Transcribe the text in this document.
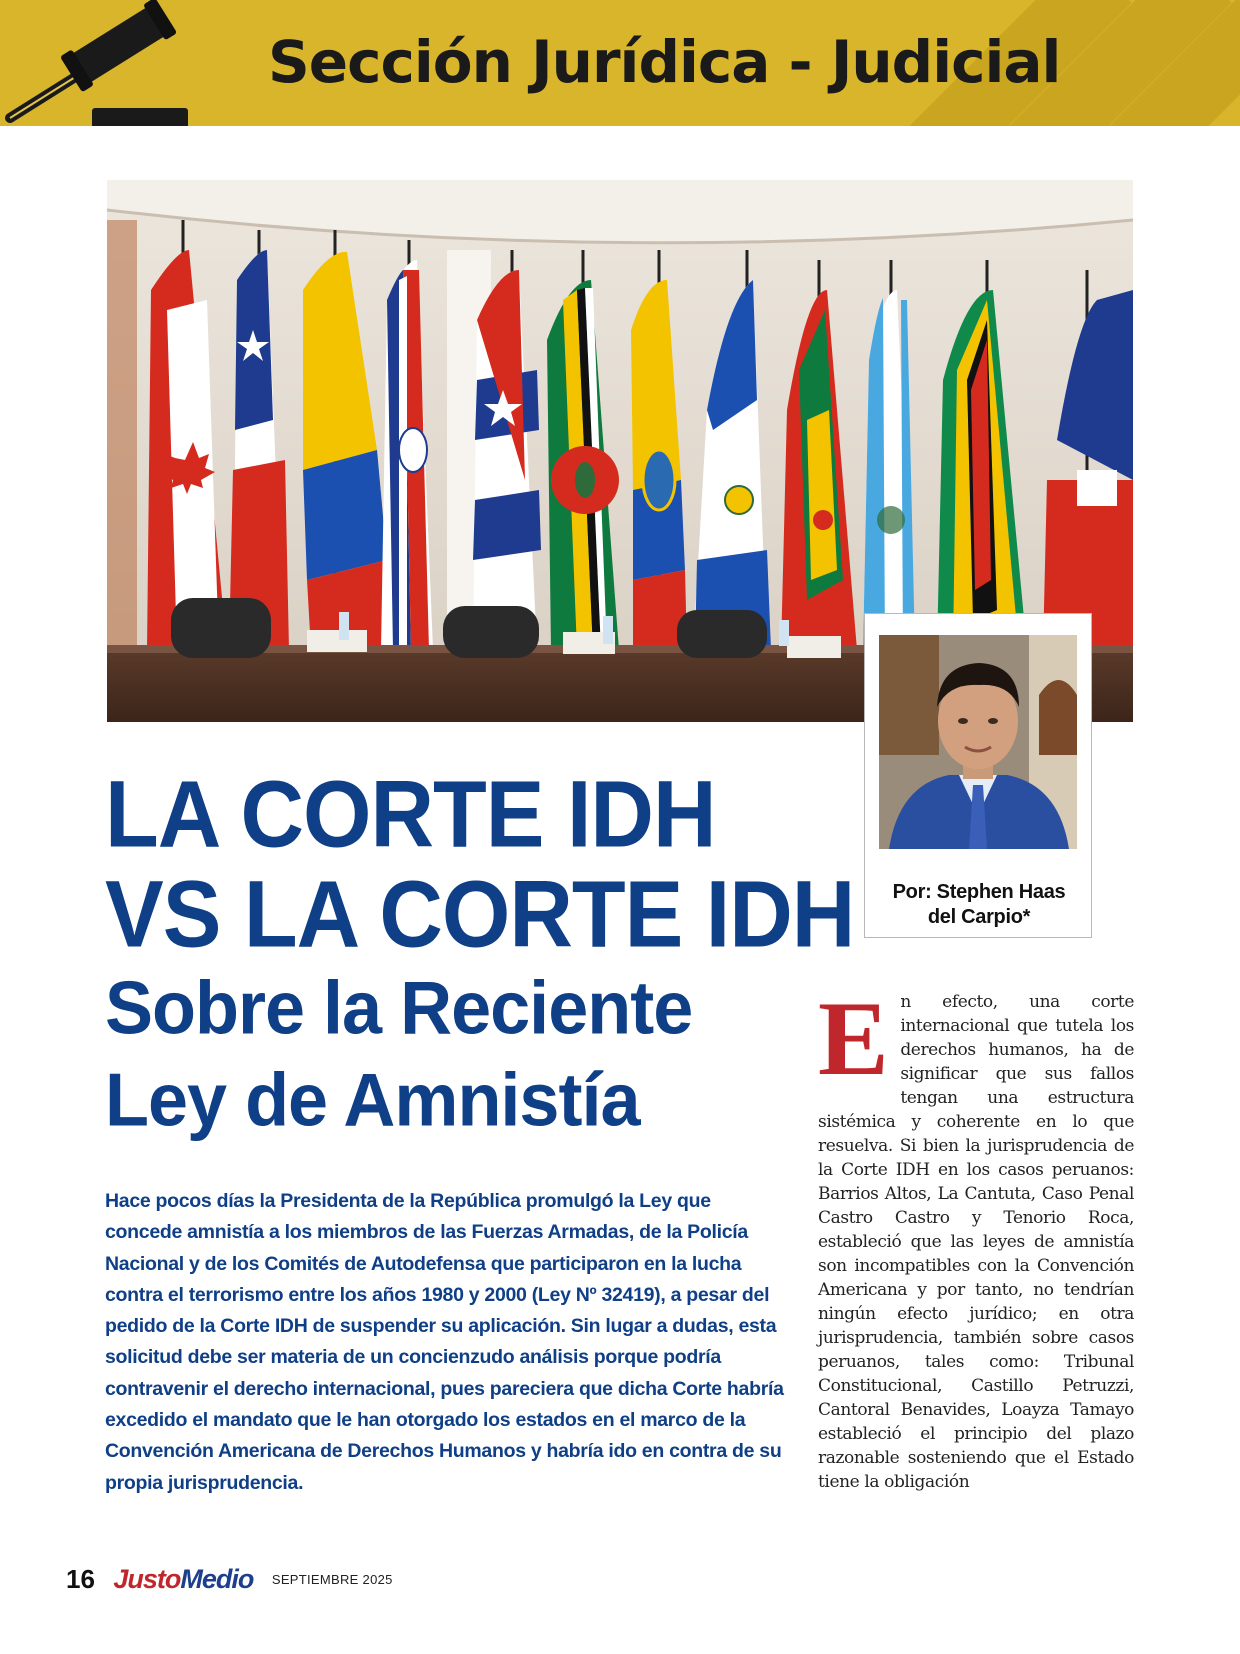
Sección Jurídica - Judicial
Por: Stephen Haas
del Carpio*
LA CORTE IDH
VS LA CORTE IDH
Sobre la Reciente
Ley de Amnistía
Hace pocos días la Presidenta de la República promulgó la Ley que concede amnistía a los miembros de las Fuerzas Armadas, de la Policía Nacional y de los Comités de Autodefensa que participaron en la lucha contra el terrorismo entre los años 1980 y 2000 (Ley Nº 32419), a pesar del pedido de la Corte IDH de suspender su aplicación. Sin lugar a dudas, esta solicitud debe ser materia de un concienzudo análisis porque podría contravenir el derecho internacional, pues pareciera que dicha Corte habría excedido el mandato que le han otorgado los estados en el marco de la Convención Americana de Derechos Humanos y habría ido en contra de su propia jurisprudencia.
E n efecto, una corte internacional que tutela los derechos humanos, ha de significar que sus fallos tengan una estructura sistémica y coherente en lo que resuelva. Si bien la jurisprudencia de la Corte IDH en los casos peruanos: Barrios Altos, La Cantuta, Caso Penal Castro Castro y Tenorio Roca, estableció que las leyes de amnistía son incompatibles con la Convención Americana y por tanto, no tendrían ningún efecto jurídico; en otra jurisprudencia, también sobre casos peruanos, tales como: Tribunal Constitucional, Castillo Petruzzi, Cantoral Benavides, Loayza Tamayo estableció el principio del plazo razonable sosteniendo que el Estado tiene la obligación
16 JustoMedio SEPTIEMBRE 2025
